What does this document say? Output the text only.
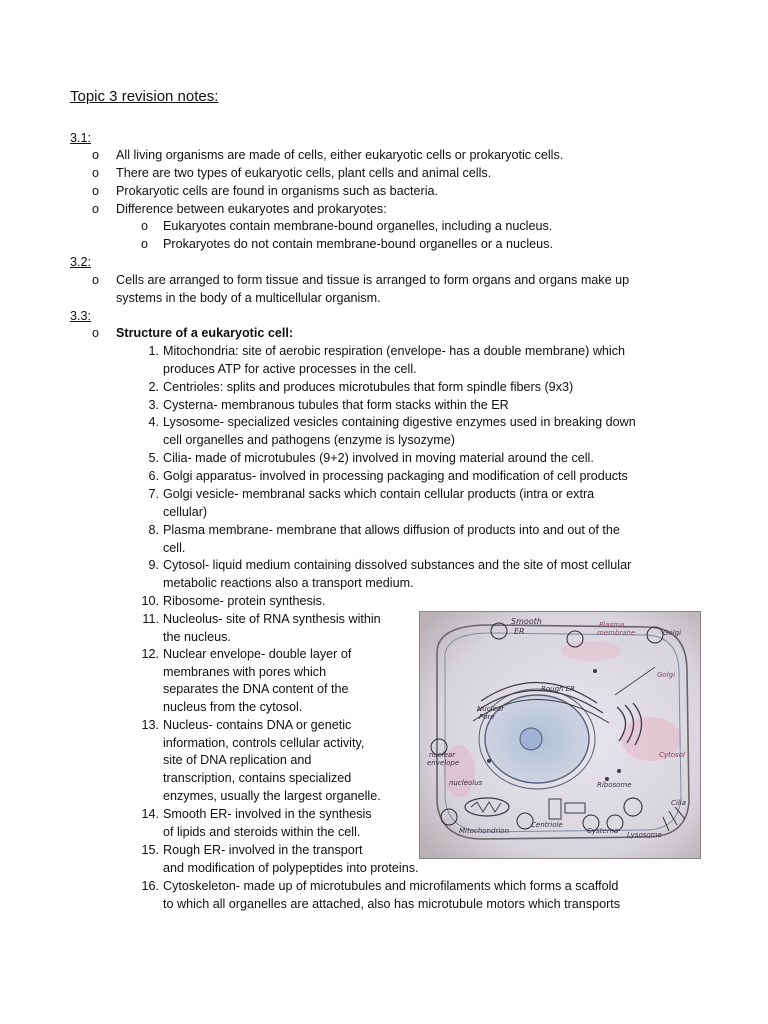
Topic 3 revision notes:
3.1:
o All living organisms are made of cells, either eukaryotic cells or prokaryotic cells.
o There are two types of eukaryotic cells, plant cells and animal cells.
o Prokaryotic cells are found in organisms such as bacteria.
o Difference between eukaryotes and prokaryotes:
o Eukaryotes contain membrane-bound organelles, including a nucleus.
o Prokaryotes do not contain membrane-bound organelles or a nucleus.
3.2:
o Cells are arranged to form tissue and tissue is arranged to form organs and organs make up
systems in the body of a multicellular organism.
3.3:
o Structure of a eukaryotic cell:
1. Mitochondria: site of aerobic respiration (envelope- has a double membrane) which
produces ATP for active processes in the cell.
2. Centrioles: splits and produces microtubules that form spindle fibers (9x3)
3. Cysterna- membranous tubules that form stacks within the ER
4. Lysosome- specialized vesicles containing digestive enzymes used in breaking down
cell organelles and pathogens (enzyme is lysozyme)
5. Cilia- made of microtubules (9+2) involved in moving material around the cell.
6. Golgi apparatus- involved in processing packaging and modification of cell products
7. Golgi vesicle- membranal sacks which contain cellular products (intra or extra
cellular)
8. Plasma membrane- membrane that allows diffusion of products into and out of the
cell.
9. Cytosol- liquid medium containing dissolved substances and the site of most cellular
metabolic reactions also a transport medium.
10. Ribosome- protein synthesis.
11. Nucleolus- site of RNA synthesis within
the nucleus.
12. Nuclear envelope- double layer of
membranes with pores which
separates the DNA content of the
nucleus from the cytosol.
13. Nucleus- contains DNA or genetic
information, controls cellular activity,
site of DNA replication and
transcription, contains specialized
enzymes, usually the largest organelle.
14. Smooth ER- involved in the synthesis
of lipids and steroids within the cell.
15. Rough ER- involved in the transport
and modification of polypeptides into proteins.
16. Cytoskeleton- made up of microtubules and microfilaments which forms a scaffold
to which all organelles are attached, also has microtubule motors which transports
Smooth
ER
Plasma
membrane	Golgi
Golgi
Rough ER
Nuclear
Pore
nuclear
envelope
Cytosol
nucleolus	Ribosome
Mitochondrion
Centriole
Cysterna Lysosome
Cilia
